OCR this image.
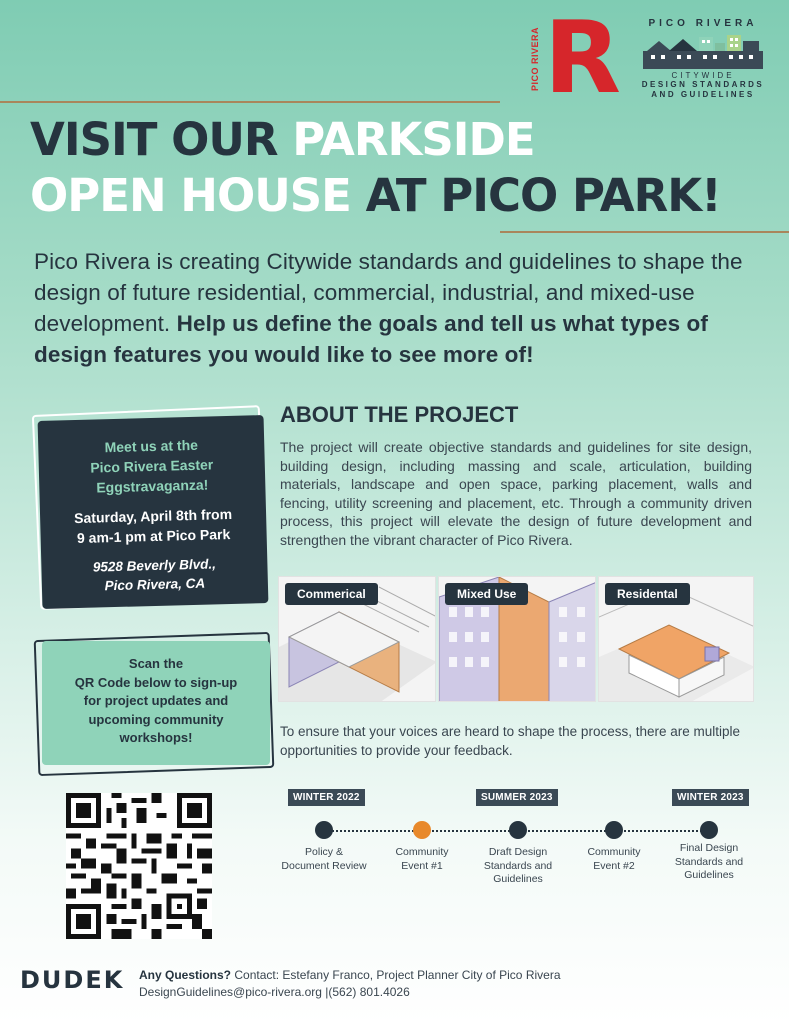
PICO RIVERA R	PICO RIVERA
CITYWIDE
DESIGN STANDARDS
AND GUIDELINES
VISIT OUR PARKSIDE
OPEN HOUSE AT PICO PARK!
Pico Rivera is creating Citywide standards and guidelines to shape the design of future residential, commercial, industrial, and mixed-use development. Help us define the goals and tell us what types of design features you would like to see more of!
Meet us at the
Pico Rivera Easter
Eggstravaganza!
Saturday, April 8th from
9 am-1 pm at Pico Park
9528 Beverly Blvd.,
Pico Rivera, CA
Scan the
QR Code below to sign-up
for project updates and
upcoming community
workshops!
ABOUT THE PROJECT
The project will create objective standards and guidelines for site design, building design, including massing and scale, articulation, building materials, landscape and open space, parking placement, walls and fencing, utility screening and placement, etc. Through a community driven process, this project will elevate the design of future development and strengthen the vibrant character of Pico Rivera.
Commerical	Mixed Use	Residental
To ensure that your voices are heard to shape the process, there are multiple opportunities to provide your feedback.
WINTER 2022	SUMMER 2023	WINTER 2023
Policy &
Document Review
Community
Event #1
Draft Design
Standards and
Guidelines
Community
Event #2
Final Design
Standards and
Guidelines
DUDEK Any Questions? Contact: Estefany Franco, Project Planner City of Pico Rivera
DesignGuidelines@pico-rivera.org |(562) 801.4026
